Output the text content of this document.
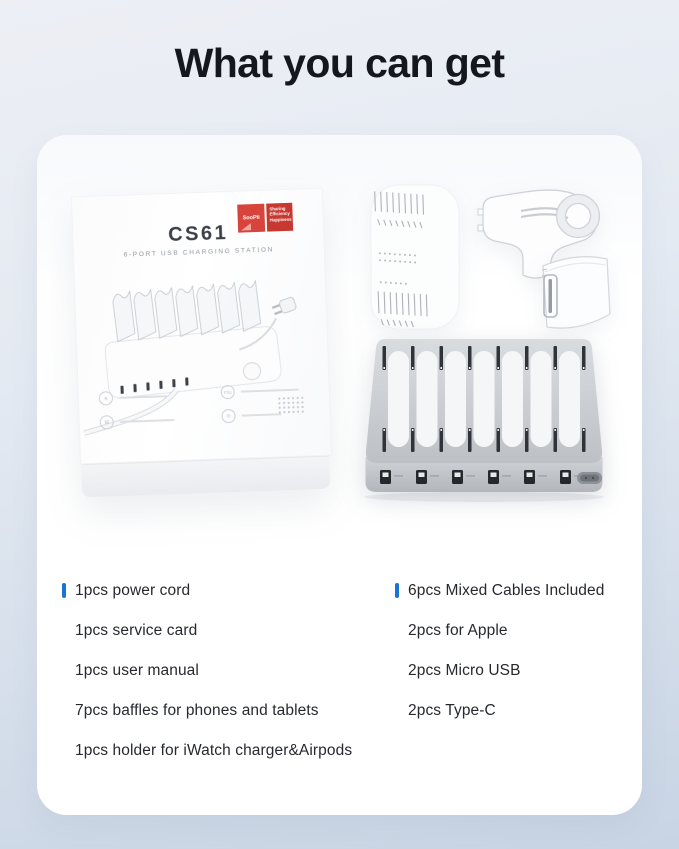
What you can get
SooPii
Sharing Efficiency Happiness
CS61
6-PORT USB CHARGING STATION
⎊
F/U
▤
◎
1pcs power cord
1pcs service card
1pcs user manual
7pcs baffles for phones and tablets
1pcs holder for iWatch charger&Airpods
6pcs Mixed Cables Included
2pcs for Apple
2pcs Micro USB
2pcs Type-C
